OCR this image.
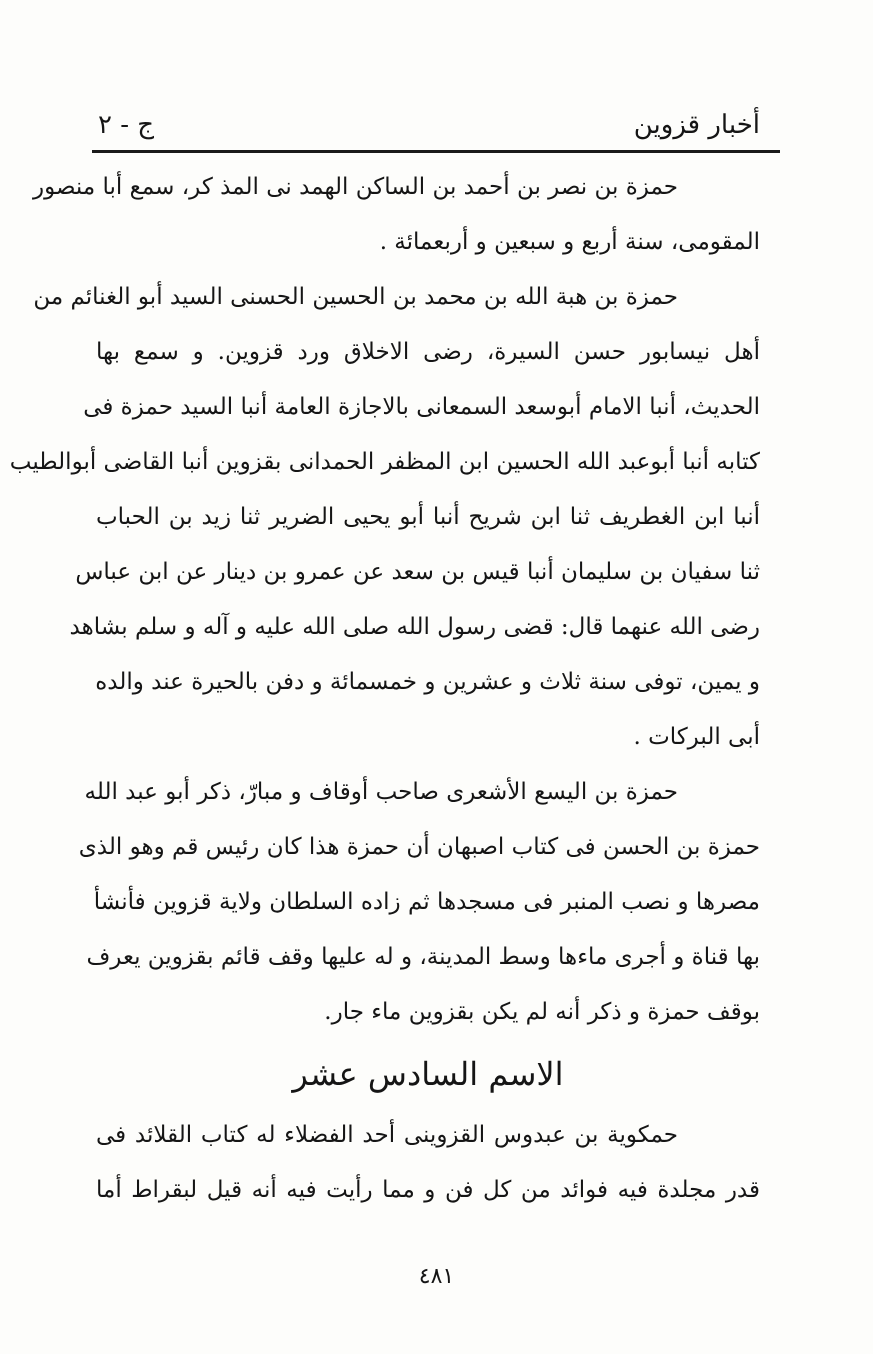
أخبار قزوين
ج - ٢
حمزة بن نصر بن أحمد بن الساكن الهمد نى المذ كر، سمع أبا منصور
المقومى، سنة أربع و سبعين و أربعمائة .
حمزة بن هبة الله بن محمد بن الحسين الحسنى السيد أبو الغنائم من
أهل نيسابور حسن السيرة، رضى الاخلاق ورد قزوين. و سمع بها
الحديث، أنبا الامام أبوسعد السمعانى بالاجازة العامة أنبا السيد حمزة فى
كتابه أنبا أبوعبد الله الحسين ابن المظفر الحمدانى بقزوين أنبا القاضى أبوالطيب
أنبا ابن الغطريف ثنا ابن شريح أنبا أبو يحيى الضرير ثنا زيد بن الحباب
ثنا سفيان بن سليمان أنبا قيس بن سعد عن عمرو بن دينار عن ابن عباس
رضى الله عنهما قال: قضى رسول الله صلى الله عليه و آله و سلم بشاهد
و يمين، توفى سنة ثلاث و عشرين و خمسمائة و دفن بالحيرة عند والده
أبى البركات .
حمزة بن اليسع الأشعرى صاحب أوقاف و مبارّ، ذكر أبو عبد الله
حمزة بن الحسن فى كتاب اصبهان أن حمزة هذا كان رئيس قم وهو الذى
مصرها و نصب المنبر فى مسجدها ثم زاده السلطان ولاية قزوين فأنشأ
بها قناة و أجرى ماءها وسط المدينة، و له عليها وقف قائم بقزوين يعرف
بوقف حمزة و ذكر أنه لم يكن بقزوين ماء جار.
الاسم السادس عشر
حمكوية بن عبدوس القزوينى أحد الفضلاء له كتاب القلائد فى
قدر مجلدة فيه فوائد من كل فن و مما رأيت فيه أنه قيل لبقراط أما
٤٨١
